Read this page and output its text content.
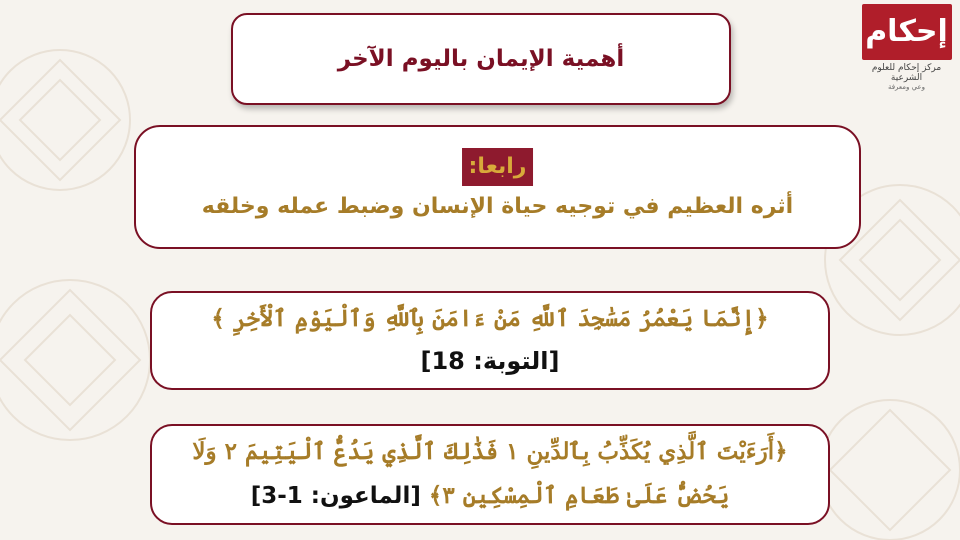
أهمية الإيمان باليوم الآخر
رابعا:
أثره العظيم في توجيه حياة الإنسان وضبط عمله وخلقه
﴿إِنَّمَا يَعْمُرُ مَسَٰجِدَ ٱللَّهِ مَنْ ءَامَنَ بِٱللَّهِ وَٱلْيَوْمِ ٱلْأَخِرِ ﴾
[التوبة: 18]
﴿أَرَءَيْتَ ٱلَّذِي يُكَذِّبُ بِٱلدِّينِ ١ فَذَٰلِكَ ٱلَّذِي يَدُعُّ ٱلْيَتِيمَ ٢ وَلَا
يَحُضُّ عَلَىٰ طَعَامِ ٱلْمِسْكِينِ ٣﴾ [الماعون: 1-3]
إحكام
مركز إحكام للعلوم الشرعية
وعي ومعرفة
